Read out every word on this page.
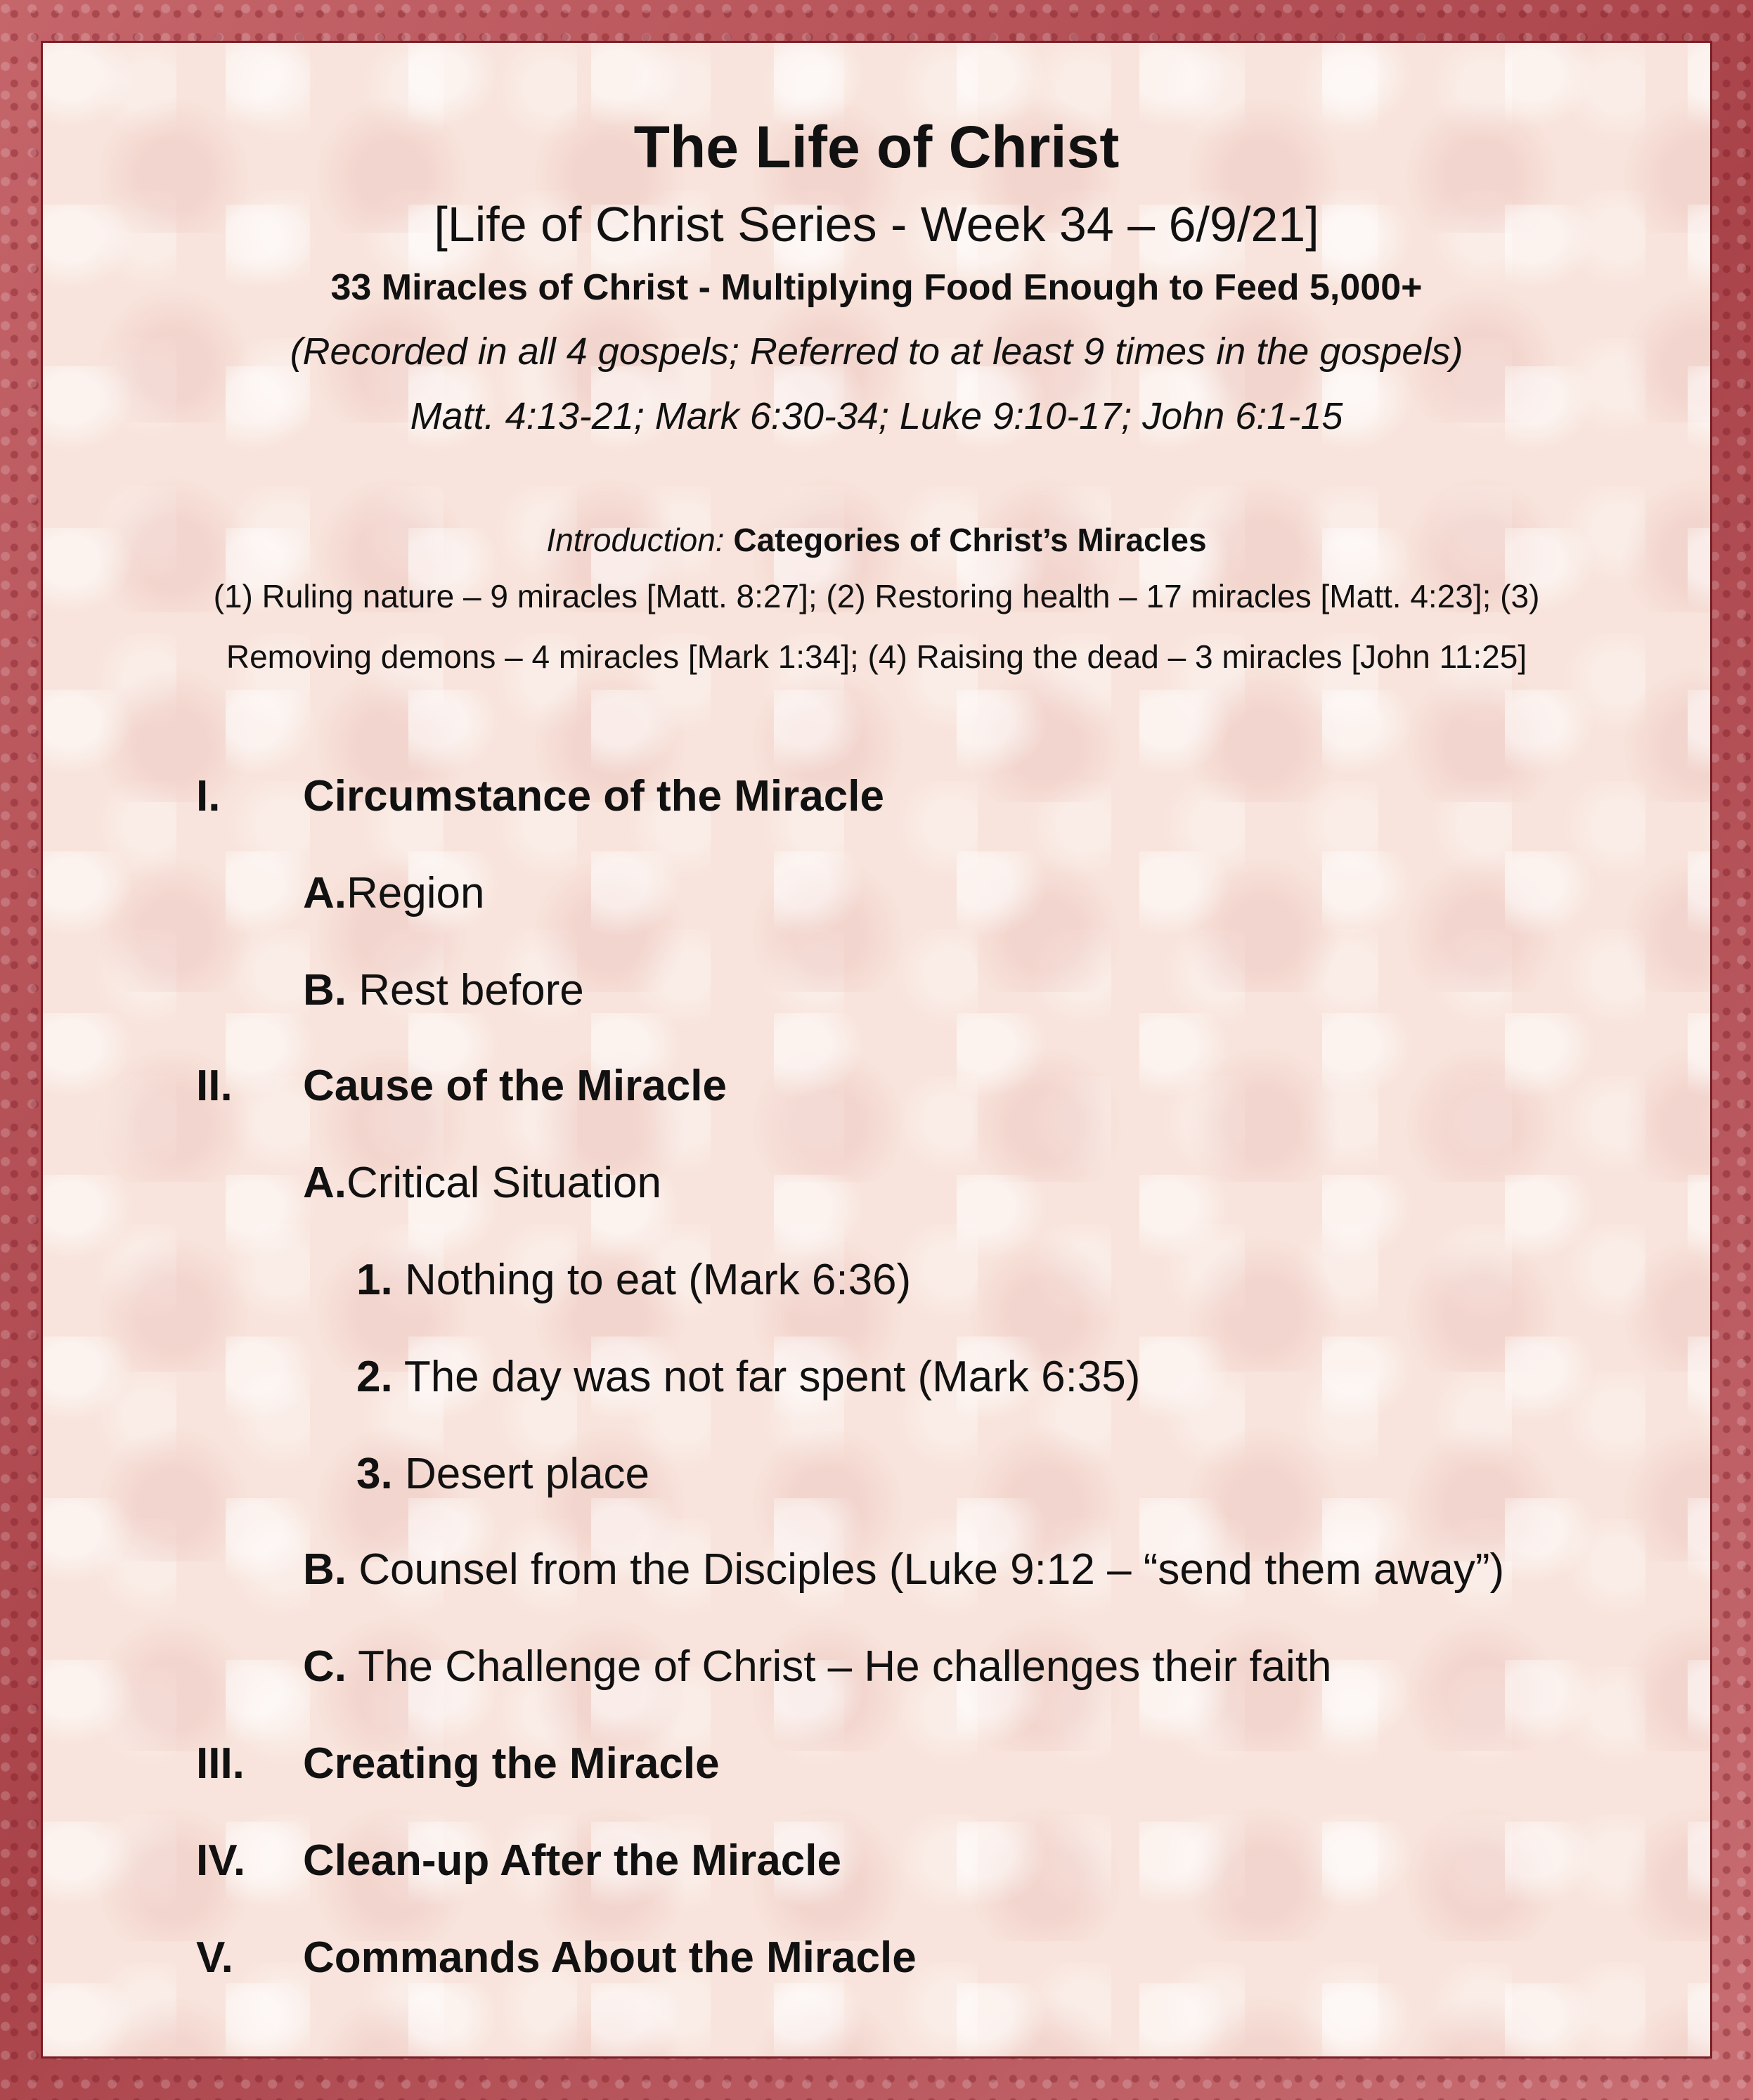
The Life of Christ
[Life of Christ Series - Week 34 – 6/9/21]
33 Miracles of Christ - Multiplying Food Enough to Feed 5,000+
(Recorded in all 4 gospels; Referred to at least 9 times in the gospels)
Matt. 4:13-21; Mark 6:30-34; Luke 9:10-17; John 6:1-15
Introduction: Categories of Christ’s Miracles
(1) Ruling nature – 9 miracles [Matt. 8:27]; (2) Restoring health – 17 miracles [Matt. 4:23]; (3)
Removing demons – 4 miracles [Mark 1:34]; (4) Raising the dead – 3 miracles [John 11:25]
I. Circumstance of the Miracle
A.Region
B. Rest before
II. Cause of the Miracle
A.Critical Situation
1. Nothing to eat (Mark 6:36)
2. The day was not far spent (Mark 6:35)
3. Desert place
B. Counsel from the Disciples (Luke 9:12 – “send them away”)
C. The Challenge of Christ – He challenges their faith
III. Creating the Miracle
IV. Clean-up After the Miracle
V. Commands About the Miracle
